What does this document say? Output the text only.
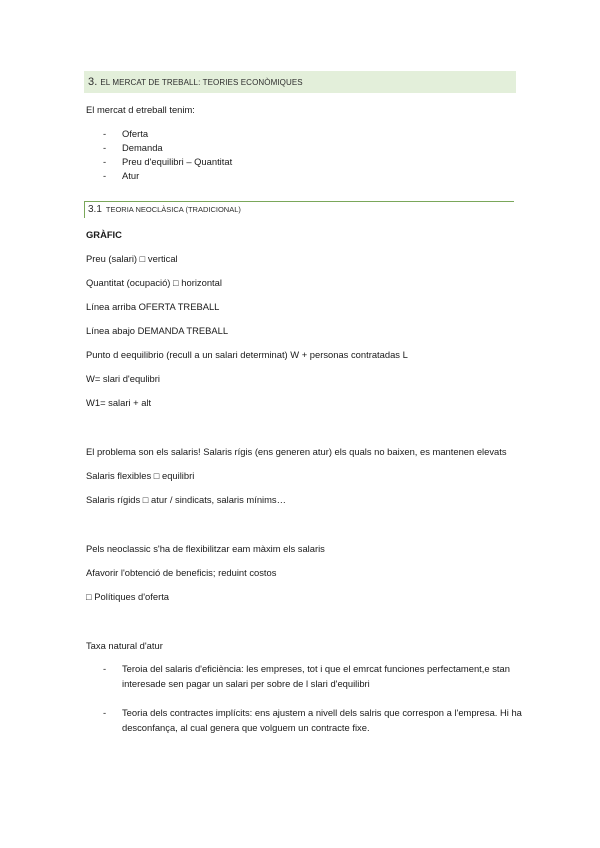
3. EL MERCAT DE TREBALL: TEORIES ECONÒMIQUES
El mercat d etreball tenim:
- Oferta
- Demanda
- Preu d'equilibri – Quantitat
- Atur
3.1 TEORIA NEOCLÀSICA (TRADICIONAL)
GRÀFIC
Preu (salari) □ vertical
Quantitat (ocupació) □ horizontal
Línea arriba OFERTA TREBALL
Línea abajo DEMANDA TREBALL
Punto d eequilibrio (recull a un salari determinat) W + personas contratadas L
W= slari d'equlibri
W1= salari + alt
El problema son els salaris! Salaris rígis (ens generen atur) els quals no baixen, es mantenen elevats
Salaris flexibles □ equilibri
Salaris rígids □ atur / sindicats, salaris mínims…
Pels neoclassic s'ha de flexibilitzar eam màxim els salaris
Afavorir l'obtenció de beneficis; reduint costos
□ Polítiques d'oferta
Taxa natural d'atur
- Teroia del salaris d'eficiència: les empreses, tot i que el emrcat funciones perfectament,e stan interesade sen pagar un salari per sobre de l slari d'equilibri
- Teoria dels contractes implícits: ens ajustem a nivell dels salris que correspon a l'empresa. Hi ha desconfança, al cual genera que volguem un contracte fixe.
